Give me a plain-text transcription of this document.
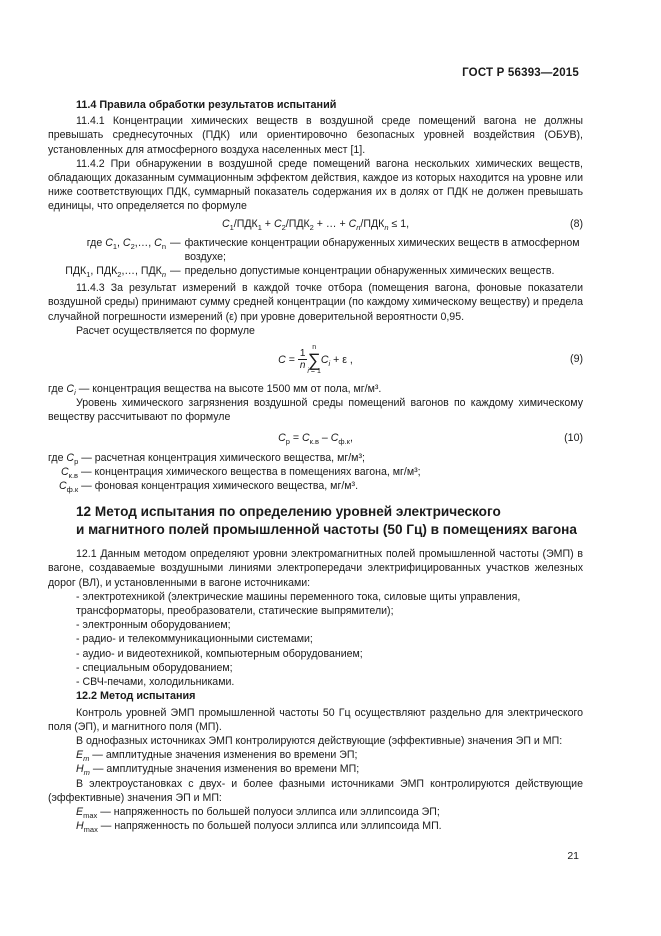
ГОСТ Р 56393—2015

11.4 Правила обработки результатов испытаний

11.4.1 Концентрации химических веществ в воздушной среде помещений вагона не должны превышать среднесуточных (ПДК) или ориентировочно безопасных уровней воздействия (ОБУВ), установленных для атмосферного воздуха населенных мест [1].

11.4.2 При обнаружении в воздушной среде помещений вагона нескольких химических веществ, обладающих доказанным суммационным эффектом действия, каждое из которых находится на уровне или ниже соответствующих ПДК, суммарный показатель содержания их в долях от ПДК не должен превышать единицы, что определяется по формуле

$C_1/ПДК_1 + C_2/ПДК_2$ + … + $C_n/ПДК_n \le 1$,	(8)
где $C_1$, $C_2,\dots$, $C_n$ — фактические концентрации обнаруженных химических веществ в атмосферном воздухе;
$ПДК_1$, $ПДК_2,\dots$, $ПДК_n$ — предельно допустимые концентрации обнаруженных химических веществ.

11.4.3 За результат измерений в каждой точке отбора (помещения вагона, фоновые показатели воздушной среды) принимают сумму средней концентрации (по каждому химическому веществу) и предела случайной погрешности измерений (ε) при уровне доверительной вероятности 0,95.

Расчет осуществляется по формуле

$C = \frac{1}{n}$
n
∑
$i = 1C_i + \varepsilon$ ,	(9)

где $C_i$ — концентрация вещества на высоте 1500 мм от пола, мг/м³.

Уровень химического загрязнения воздушной среды помещений вагонов по каждому химическому веществу рассчитывают по формуле

$C_р = C_{к.в} - C_{ф.к}$,	(10)

где $C_р$ — расчетная концентрация химического вещества, мг/м³;

$C_{к.в}$ — концентрация химического вещества в помещениях вагона, мг/м³;

$C_{ф.к}$ — фоновая концентрация химического вещества, мг/м³.

12 Метод испытания по определению уровней электрического
и магнитного полей промышленной частоты (50 Гц) в помещениях вагона

12.1 Данным методом определяют уровни электромагнитных полей промышленной частоты (ЭМП) в вагоне, создаваемые воздушными линиями электропередачи электрифицированных участков железных дорог (ВЛ), и установленными в вагоне источниками:

- электротехникой (электрические машины переменного тока, силовые щиты управления, трансформаторы, преобразователи, статические выпрямители);

- электронным оборудованием;

- радио- и телекоммуникационными системами;

- аудио- и видеотехникой, компьютерным оборудованием;

- специальным оборудованием;

- СВЧ-печами, холодильниками.

12.2 Метод испытания

Контроль уровней ЭМП промышленной частоты 50 Гц осуществляют раздельно для электрического поля (ЭП), и магнитного поля (МП).

В однофазных источниках ЭМП контролируются действующие (эффективные) значения ЭП и МП:

$E_m$ — амплитудные значения изменения во времени ЭП;

$H_m$ — амплитудные значения изменения во времени МП;

В электроустановках с двух- и более фазными источниками ЭМП контролируются действующие (эффективные) значения ЭП и МП:

$E_{max}$ — напряженность по большей полуоси эллипса или эллипсоида ЭП;

$H_{max}$ — напряженность по большей полуоси эллипса или эллипсоида МП.

21
